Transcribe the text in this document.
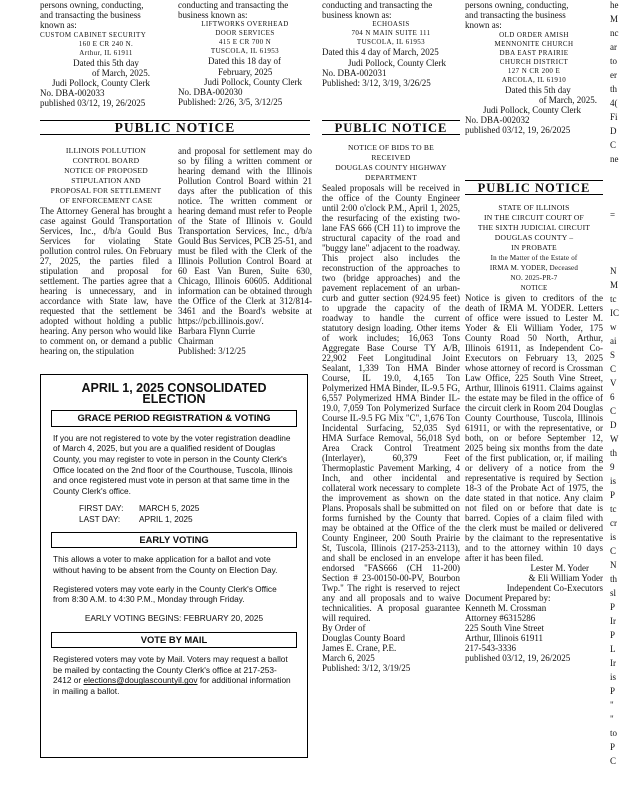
persons owning, conducting,

and transacting the business

known as:

CUSTOM CABINET SECURITY

160 E CR 240 N.

Arthur, IL 61911

Dated this 5th day

of March, 2025.

Judi Pollock, County Clerk

No. DBA-002033

published 03/12, 19, 26/2025

conducting and transacting the

business known as:

LIFTWORKS OVERHEAD

DOOR SERVICES

415 E CR 700 N

TUSCOLA, IL 61953

Dated this 18 day of

February, 2025

Judi Pollock, County Clerk

No. DBA-002030

Published: 2/26, 3/5, 3/12/25

conducting and transacting the

business known as:

ECHOASIS

704 N MAIN SUITE 111

TUSCOLA, IL 61953

Dated this 4 day of March, 2025

Judi Pollock, County Clerk

No. DBA-002031

Published: 3/12, 3/19, 3/26/25

persons owning, conducting,

and transacting the business

known as:

OLD ORDER AMISH

MENNONITE CHURCH

DBA EAST PRAIRIE

CHURCH DISTRICT

127 N CR 200 E

ARCOLA, IL 61910

Dated this 5th day

of March, 2025.

Judi Pollock, County Clerk

No. DBA-002032

published 03/12, 19, 26/2025

PUBLIC NOTICE

ILLINOIS POLLUTION

CONTROL BOARD

NOTICE OF PROPOSED

STIPULATION AND

PROPOSAL FOR SETTLEMENT

OF ENFORCEMENT CASE

The Attorney General has brought a case against Gould Transportation Services, Inc., d/b/a Gould Bus Services for violating State pollution control rules. On February 27, 2025, the parties filed a stipulation and proposal for settlement. The parties agree that a hearing is unnecessary, and in accordance with State law, have requested that the settlement be adopted without holding a public hearing. Any person who would like to comment on, or demand a public hearing on, the stipulation

and proposal for settlement may do so by filing a written comment or hearing demand with the Illinois Pollution Control Board within 21 days after the publication of this notice. The written comment or hearing demand must refer to People of the State of Illinois v. Gould Transportation Services, Inc., d/b/a Gould Bus Services, PCB 25-51, and must be filed with the Clerk of the Illinois Pollution Control Board at 60 East Van Buren, Suite 630, Chicago, Illinois 60605. Additional information can be obtained through the Office of the Clerk at 312/814-3461 and the Board's website at https://pcb.illinois.gov/.

Barbara Flynn Currie

Chairman

Published: 3/12/25

PUBLIC NOTICE

NOTICE OF BIDS TO BE

RECEIVED

DOUGLAS COUNTY HIGHWAY

DEPARTMENT

Sealed proposals will be received in the office of the County Engineer until 2:00 o'clock P.M., April 1, 2025, the resurfacing of the existing two-lane FAS 666 (CH 11) to improve the structural capacity of the road and "buggy lane" adjacent to the roadway. This project also includes the reconstruction of the approaches to two (bridge approaches) and the pavement replacement of an urban-curb and gutter section (924.95 feet) to upgrade the capacity of the roadway to handle the current statutory design loading. Other items of work includes; 16,063 Tons Aggregate Base Course TY A/B, 22,902 Feet Longitudinal Joint Sealant, 1,339 Ton HMA Binder Course, IL 19.0, 4,165 Ton Polymerized HMA Binder, IL-9.5 FG, 6,557 Polymerized HMA Binder IL-19.0, 7,059 Ton Polymerized Surface Course IL-9.5 FG Mix "C", 1,676 Ton Incidental Surfacing, 52,035 Syd HMA Surface Removal, 56,018 Syd Area Crack Control Treatment (Interlayer), 60,379 Feet Thermoplastic Pavement Marking, 4 Inch, and other incidental and collateral work necessary to complete the improvement as shown on the Plans. Proposals shall be submitted on forms furnished by the County that may be obtained at the Office of the County Engineer, 200 South Prairie St, Tuscola, Illinois (217-253-2113), and shall be enclosed in an envelope endorsed "FAS666 (CH 11-200) Section # 23-00150-00-PV, Bourbon Twp." The right is reserved to reject any and all proposals and to waive technicalities. A proposal guarantee will required.

By Order of

Douglas County Board

James E. Crane, P.E.

March 6, 2025

Published: 3/12, 3/19/25

PUBLIC NOTICE

STATE OF ILLINOIS

IN THE CIRCUIT COURT OF

THE SIXTH JUDICIAL CIRCUIT

DOUGLAS COUNTY –

IN PROBATE

In the Matter of the Estate of

IRMA M. YODER, Deceased

NO. 2025-PR-7

NOTICE

Notice is given to creditors of the death of IRMA M. YODER. Letters of office were issued to Lester M. Yoder & Eli William Yoder, 175 County Road 50 North, Arthur, Illinois 61911, as Independent Co-Executors on February 13, 2025 whose attorney of record is Crossman Law Office, 225 South Vine Street, Arthur, Illinois 61911. Claims against the estate may be filed in the office of the circuit clerk in Room 204 Douglas County Courthouse, Tuscola, Illinois 61911, or with the representative, or both, on or before September 12, 2025 being six months from the date of the first publication, or, if mailing or delivery of a notice from the representative is required by Section 18-3 of the Probate Act of 1975, the date stated in that notice. Any claim not filed on or before that date is barred. Copies of a claim filed with the clerk must be mailed or delivered by the claimant to the representative and to the attorney within 10 days after it has been filed.

Lester M. Yoder

& Eli William Yoder

Independent Co-Executors

Document Prepared by:

Kenneth M. Crossman

Attorney #6315286

225 South Vine Street

Arthur, Illinois 61911

217-543-3336

published 03/12, 19, 26/2025

APRIL 1, 2025 CONSOLIDATED ELECTION
GRACE PERIOD REGISTRATION & VOTING

If you are not registered to vote by the voter registration deadline of March 4, 2025, but you are a qualified resident of Douglas County, you may register to vote in person in the County Clerk's Office located on the 2nd floor of the Courthouse, Tuscola, Illinois and once registered must vote in person at that same time in the County Clerk's office.

FIRST DAY: MARCH 5, 2025
LAST DAY: APRIL 1, 2025
EARLY VOTING

This allows a voter to make application for a ballot and vote without having to be absent from the County on Election Day.

Registered voters may vote early in the County Clerk's Office from 8:30 A.M. to 4:30 P.M., Monday through Friday.

EARLY VOTING BEGINS: FEBRUARY 20, 2025

VOTE BY MAIL

Registered voters may vote by Mail. Voters may request a ballot be mailed by contacting the County Clerk's office at 217-253-2412 or elections@douglascountyil.gov for additional information in mailing a ballot.

he
M
nc
ar
to
er
th
4(
Fi
D
C
ne
=
N
M
tc
IC
w
ai
S
C
V
6
C
D
W
th
9
is
P
tc
cr
is
C
N
th
sl
P
Ir
P
L
Ir
is
P
"
"
to
P
C
